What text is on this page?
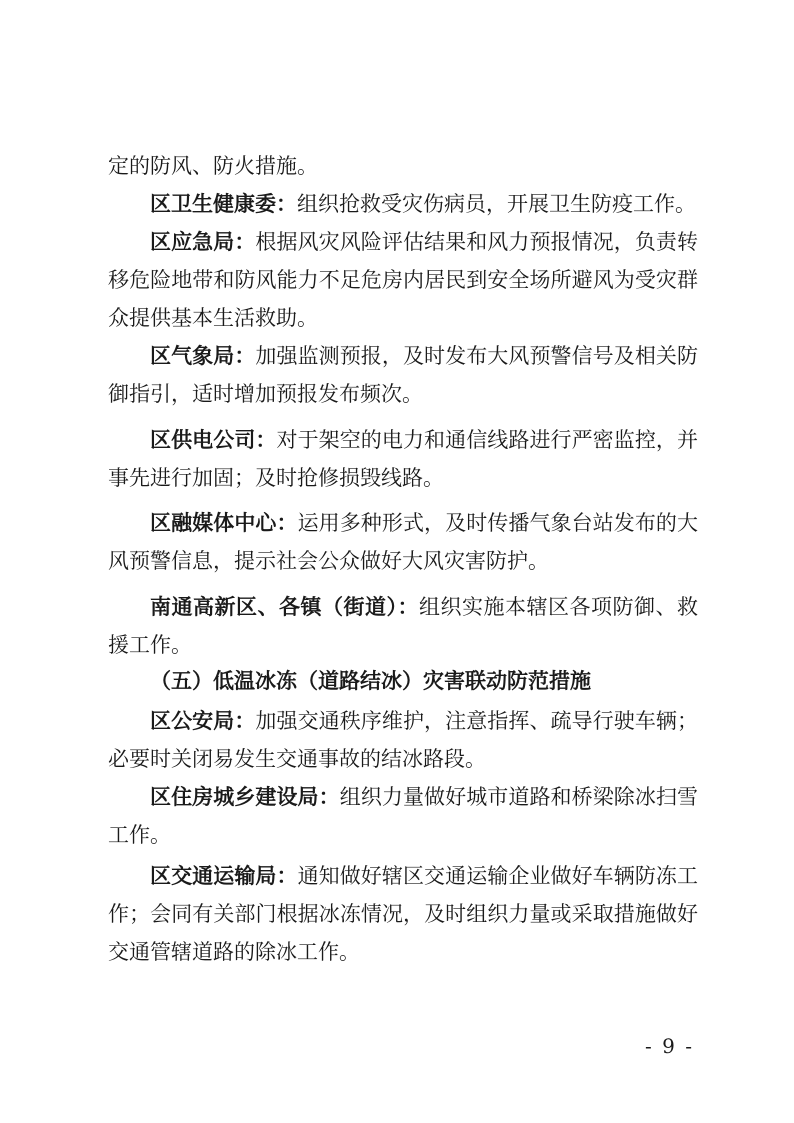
定的防风、防火措施。

区卫生健康委：组织抢救受灾伤病员，开展卫生防疫工作。

区应急局：根据风灾风险评估结果和风力预报情况，负责转移危险地带和防风能力不足危房内居民到安全场所避风为受灾群众提供基本生活救助。

区气象局：加强监测预报，及时发布大风预警信号及相关防御指引，适时增加预报发布频次。

区供电公司：对于架空的电力和通信线路进行严密监控，并事先进行加固；及时抢修损毁线路。

区融媒体中心：运用多种形式，及时传播气象台站发布的大风预警信息，提示社会公众做好大风灾害防护。

南通高新区、各镇（街道）：组织实施本辖区各项防御、救援工作。

（五）低温冰冻（道路结冰）灾害联动防范措施

区公安局：加强交通秩序维护，注意指挥、疏导行驶车辆；必要时关闭易发生交通事故的结冰路段。

区住房城乡建设局：组织力量做好城市道路和桥梁除冰扫雪工作。

区交通运输局：通知做好辖区交通运输企业做好车辆防冻工作；会同有关部门根据冰冻情况，及时组织力量或采取措施做好交通管辖道路的除冰工作。

- 9 -
